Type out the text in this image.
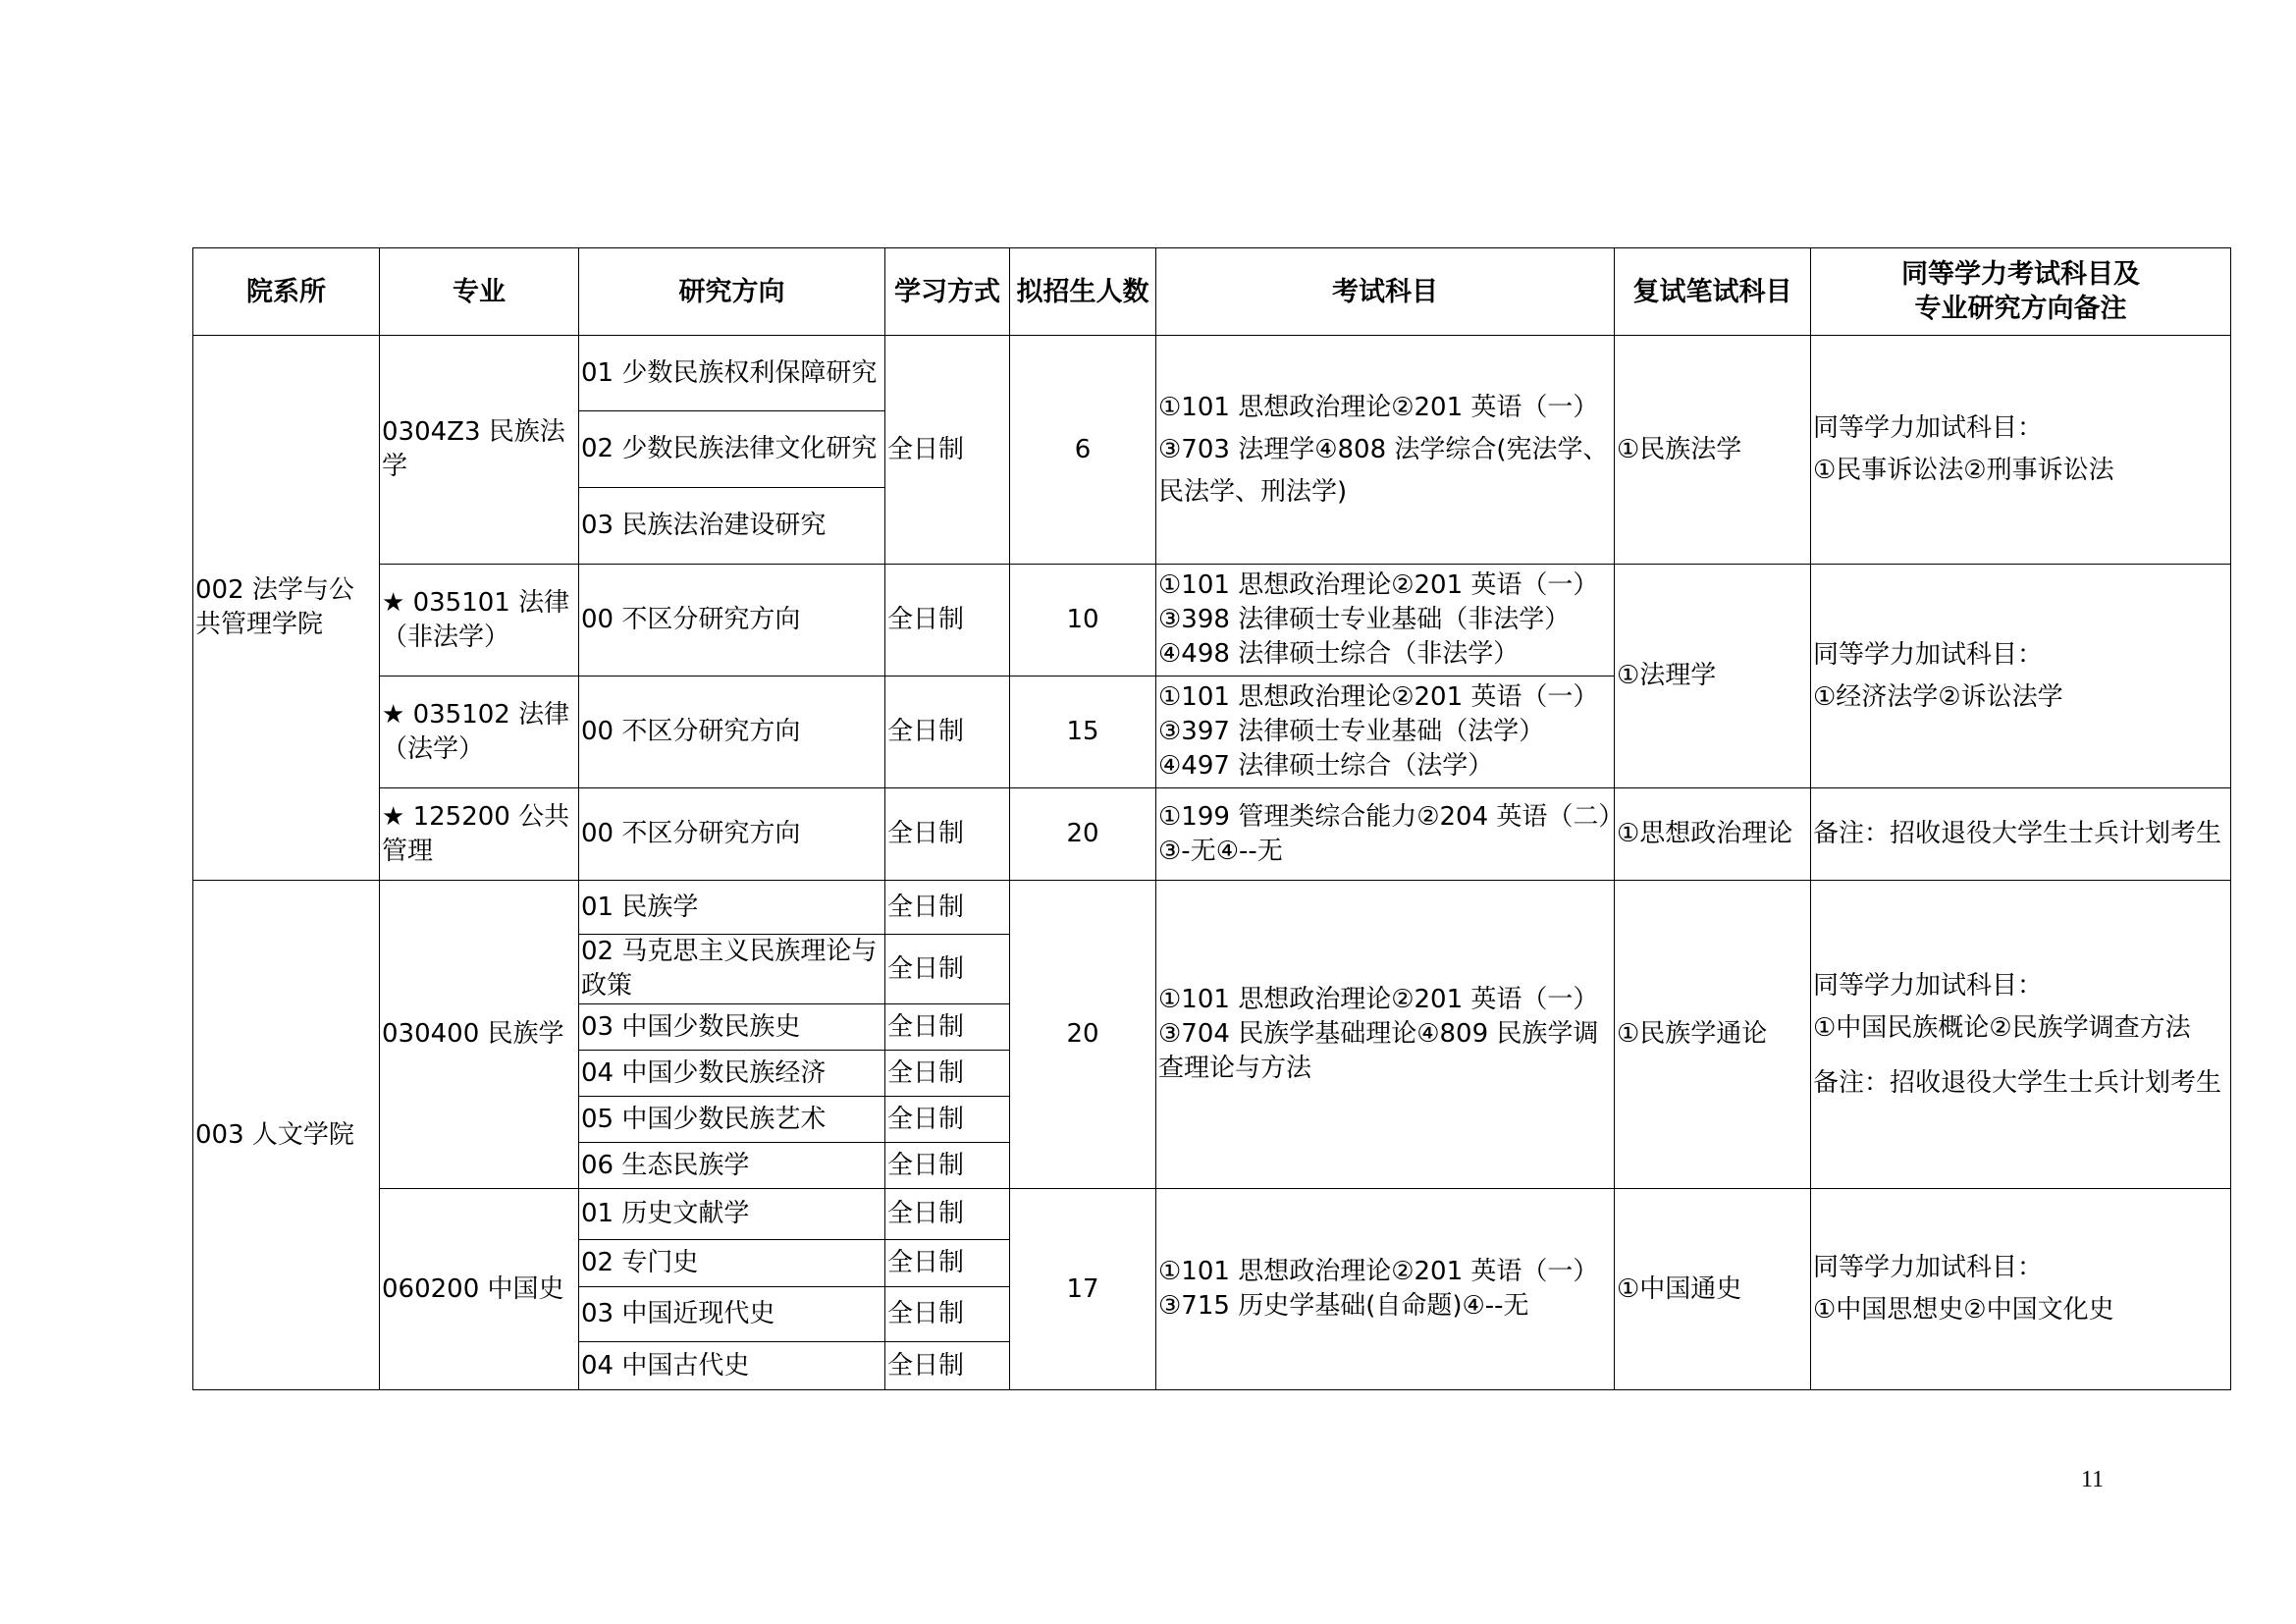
院系所	专业	研究方向	学习方式	拟招生人数	考试科目	复试笔试科目	同等学力考试科目及
专业研究方向备注
002 法学与公共管理学院	0304Z3 民族法学	01 少数民族权利保障研究	全日制	6	①101 思想政治理论②201 英语（一）
③703 法理学④808 法学综合(宪法学、民法学、刑法学)	①民族法学	同等学力加试科目：
①民事诉讼法②刑事诉讼法
		02 少数民族法律文化研究					
		03 民族法治建设研究					
	★ 035101 法律（非法学）	00 不区分研究方向	全日制	10	①101 思想政治理论②201 英语（一）③398 法律硕士专业基础（非法学）④498 法律硕士综合（非法学）	①法理学	同等学力加试科目：
①经济法学②诉讼法学
	★ 035102 法律（法学）	00 不区分研究方向	全日制	15	①101 思想政治理论②201 英语（一）③397 法律硕士专业基础（法学）④497 法律硕士综合（法学）		
	★ 125200 公共管理	00 不区分研究方向	全日制	20	①199 管理类综合能力②204 英语（二）③-无④--无	①思想政治理论	备注：招收退役大学生士兵计划考生
003 人文学院	030400 民族学	01 民族学	全日制	20	①101 思想政治理论②201 英语（一）③704 民族学基础理论④809 民族学调查理论与方法	①民族学通论	同等学力加试科目：
①中国民族概论②民族学调查方法
备注：招收退役大学生士兵计划考生

		02 马克思主义民族理论与政策	全日制				
		03 中国少数民族史	全日制				
		04 中国少数民族经济	全日制				
		05 中国少数民族艺术	全日制				
		06 生态民族学	全日制				
	060200 中国史	01 历史文献学	全日制	17	①101 思想政治理论②201 英语（一）③715 历史学基础(自命题)④--无	①中国通史	同等学力加试科目：
①中国思想史②中国文化史
		02 专门史	全日制				
		03 中国近现代史	全日制				
		04 中国古代史	全日制				
11
